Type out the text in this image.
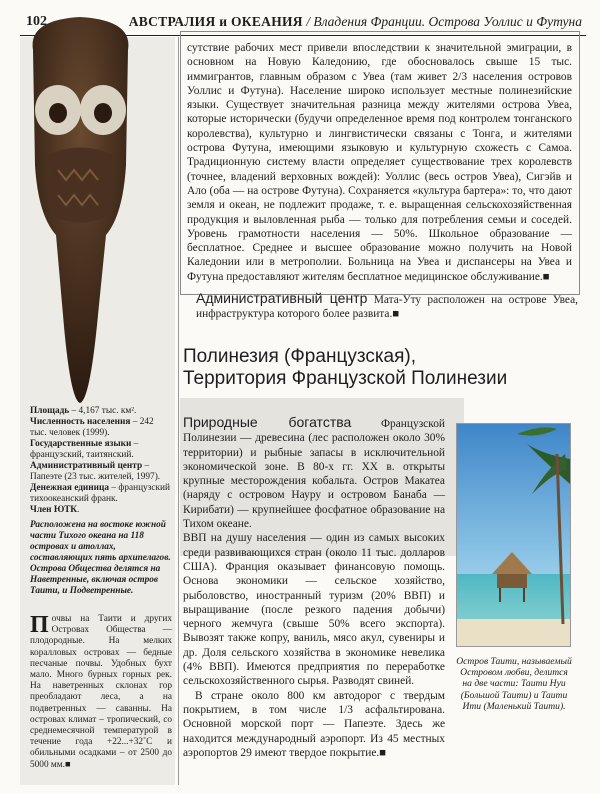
102	АВСТРАЛИЯ и ОКЕАНИЯ / Владения Франции. Острова Уоллис и Футуна

Площадь – 4,167 тыс. км².

Численность населения – 242 тыс. человек (1999).

Государственные языки – французский, таитянский.

Административный центр – Папеэте (23 тыс. жителей, 1997).

Денежная единица – французский тихоокеанский франк.

Член ЮТК.

Расположена на востоке южной части Тихого океана на 118 островах и атоллах, составляющих пять архипелагов. Острова Общества делятся на Наветренные, включая остров Таити, и Подветренные.
Почвы на Таити и других Островах Общества — плодородные. На мелких коралловых островах — бедные песчаные почвы. Удобных бухт мало. Много бурных горных рек. На наветренных склонах гор преобладают леса, а на подветренных — саванны. На островах климат – тропический, со среднемесячной температурой в течение года +22...+32˚С и обильными осадками – от 2500 до 5000 мм.■
сутствие рабочих мест привели впоследствии к значительной эмиграции, в основном на Новую Каледонию, где обосновалось свыше 15 тыс. иммигрантов, главным образом с Увеа (там живет 2/3 населения островов Уоллис и Футуна). Население широко использует местные полинезийские языки. Существует значительная разница между жителями острова Увеа, которые исторически (будучи определенное время под контролем тонганского королевства), культурно и лингвистически связаны с Тонга, и жителями острова Футуна, имеющими языковую и культурную схожесть с Самоа. Традиционную систему власти определяет существование трех королевств (точнее, владений верховных вождей): Уоллис (весь остров Увеа), Сигэйв и Ало (оба — на острове Футуна). Сохраняется «культура бартера»: то, что дают земля и океан, не подлежит продаже, т. е. выращенная сельскохозяйственная продукция и выловленная рыба — только для потребления семьи и соседей. Уровень грамотности населения — 50%. Школьное образование — бесплатное. Среднее и высшее образование можно получить на Новой Каледонии или в метрополии. Больница на Увеа и диспансеры на Увеа и Футуна предоставляют жителям бесплатное медицинское обслуживание.■
Административный центр Мата-Уту расположен на острове Увеа, инфраструктура которого более развита.■
Полинезия (Французская),
Территория Французской Полинезии

Природные богатства Французской Полинезии — древесина (лес расположен около 30% территории) и рыбные запасы в исключительной экономической зоне. В 80-х гг. XX в. открыты крупные месторождения кобальта. Остров Макатеа (наряду с островом Науру и островом Банаба — Кирибати) — крупнейшее фосфатное образование на Тихом океане.

ВВП на душу населения — один из самых высоких среди развивающихся стран (около 11 тыс. долларов США). Франция оказывает финансовую помощь. Основа экономики — сельское хозяйство, рыболовство, иностранный туризм (20% ВВП) и выращивание (после резкого падения добычи) черного жемчуга (свыше 50% всего экспорта). Вывозят также копру, ваниль, мясо акул, сувениры и др. Доля сельского хозяйства в экономике невелика (4% ВВП). Имеются предприятия по переработке сельскохозяйственного сырья. Разводят свиней.

В стране около 800 км автодорог с твердым покрытием, в том числе 1/3 асфальтирована. Основной морской порт — Папеэте. Здесь же находится международный аэропорт. Из 45 местных аэропортов 29 имеют твердое покрытие.■

Остров Таити, называемый Островом любви, делится на две части: Таити Нуи (Большой Таити) и Таити Ити (Маленький Таити).
